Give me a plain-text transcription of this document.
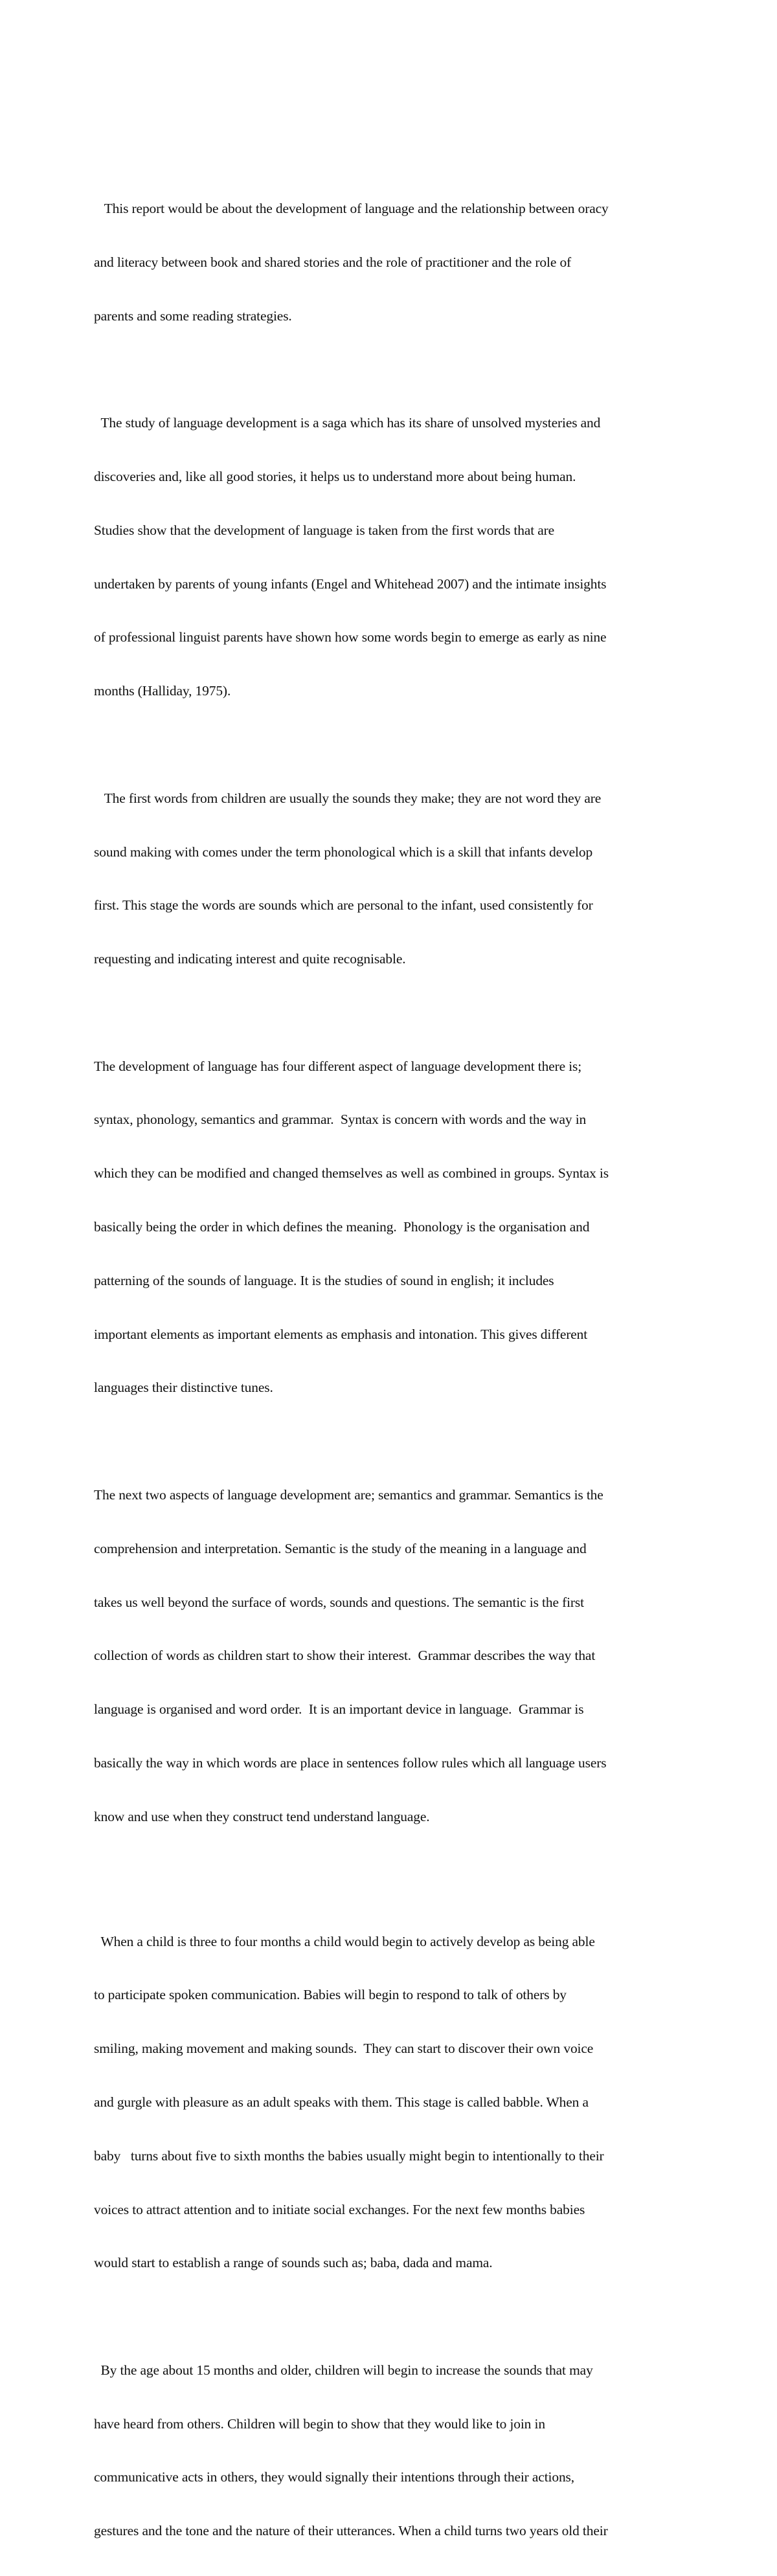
This report would be about the development of language and the relationship between oracy

and literacy between book and shared stories and the role of practitioner and the role of

parents and some reading strategies.

The study of language development is a saga which has its share of unsolved mysteries and

discoveries and, like all good stories, it helps us to understand more about being human.

Studies show that the development of language is taken from the first words that are

undertaken by parents of young infants (Engel and Whitehead 2007) and the intimate insights

of professional linguist parents have shown how some words begin to emerge as early as nine

months (Halliday, 1975).

The first words from children are usually the sounds they make; they are not word they are

sound making with comes under the term phonological which is a skill that infants develop

first. This stage the words are sounds which are personal to the infant, used consistently for

requesting and indicating interest and quite recognisable.

The development of language has four different aspect of language development there is;

syntax, phonology, semantics and grammar.  Syntax is concern with words and the way in

which they can be modified and changed themselves as well as combined in groups. Syntax is

basically being the order in which defines the meaning.  Phonology is the organisation and

patterning of the sounds of language. It is the studies of sound in english; it includes

important elements as important elements as emphasis and intonation. This gives different

languages their distinctive tunes.

The next two aspects of language development are; semantics and grammar. Semantics is the

comprehension and interpretation. Semantic is the study of the meaning in a language and

takes us well beyond the surface of words, sounds and questions. The semantic is the first

collection of words as children start to show their interest.  Grammar describes the way that

language is organised and word order.  It is an important device in language.  Grammar is

basically the way in which words are place in sentences follow rules which all language users

know and use when they construct tend understand language.

When a child is three to four months a child would begin to actively develop as being able

to participate spoken communication. Babies will begin to respond to talk of others by

smiling, making movement and making sounds.  They can start to discover their own voice

and gurgle with pleasure as an adult speaks with them. This stage is called babble. When a

baby   turns about five to sixth months the babies usually might begin to intentionally to their

voices to attract attention and to initiate social exchanges. For the next few months babies

would start to establish a range of sounds such as; baba, dada and mama.

By the age about 15 months and older, children will begin to increase the sounds that may

have heard from others. Children will begin to show that they would like to join in

communicative acts in others, they would signally their intentions through their actions,

gestures and the tone and the nature of their utterances. When a child turns two years old their
